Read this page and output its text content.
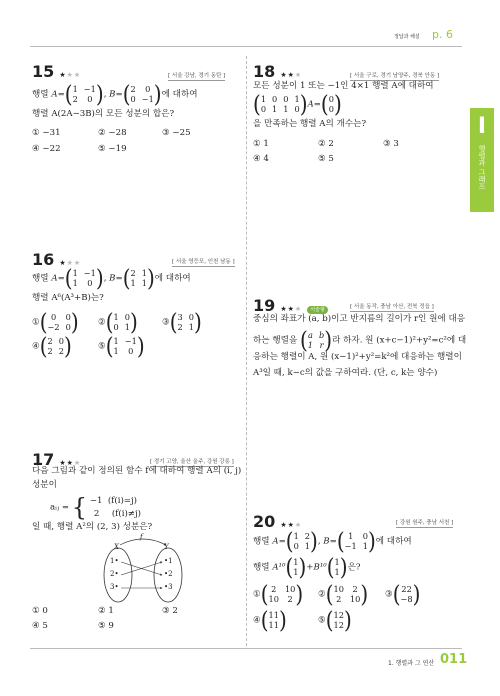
정답과 해설 p. 6
I
행렬과 그래프
15 ★★★	[ 서울 강남, 경기 동탄 ]
행렬 A= ( 1 −1
2	0 ) , B= ( 2	0
0 −1 ) 에 대하여
행렬 A(2A−3B)의 모든 성분의 합은?
① −31	② −28	③ −25
④ −22	⑤ −19
16 ★★★	[ 서울 영등포, 인천 남동 ]
행렬 A= ( 1 −1
1	0 ) , B= ( 2 1
1 1 ) 에 대하여
행렬 A⁶(A³+B)는?
① ( 0	0
−2 0 ) ② ( 1 0
0 1 )	③ ( 3 0
2 1 )
④ ( 2 0
2 2 )	⑤ ( 1 −1
1	0 )
17 ★★★	[ 경기 고양, 울산 울주, 강원 강릉 ]
다음 그림과 같이 정의된 함수 f에 대하여 행렬 A의 (i, j)
성분이
aᵢⱼ = { −1 (f(i)=j)
2 (f(i)≠j)
일 때, 행렬 A²의 (2, 3) 성분은?
f
X	Y
1•
2•
3•
•1
•2
•3
① 0	② 1	③ 2
④ 5	⑤ 9
18 ★★★	[ 서울 구로, 경기 남양주, 경북 안동 ]
모든 성분이 1 또는 −1인 4×1 행렬 A에 대하여
( 1 0 0 1
0 1 1 0 ) A= ( 0
0 )
을 만족하는 행렬 A의 개수는?
① 1	② 2	③ 3
④ 4	⑤ 5
19 ★★★ 서술형	[ 서울 동작, 충남 아산, 전북 정읍 ]
중심의 좌표가 (a, b)이고 반지름의 길이가 r인 원에 대응
하는 행렬을 ( a b
1 r ) 라 하자. 원 (x+c−1)²+y²=c²에 대
응하는 행렬이 A, 원 (x−1)²+y²=k²에 대응하는 행렬이
A³일 때, k−c의 값을 구하여라. (단, c, k는 양수)
20 ★★★	[ 강원 원주, 충남 서천 ]
행렬 A= ( 1 2
0 1 ) , B= ( 1	0
−1 1 ) 에 대하여
행렬 A¹⁰ ( 1
1 ) +B¹⁰ ( 1
1 ) 은?
① ( 2	10
10	2 ) ② ( 10	2
2	10 ) ③ ( 22
−8 )
④ ( 11
11 )	⑤ ( 12
12 )
1. 행렬과 그 연산 011
